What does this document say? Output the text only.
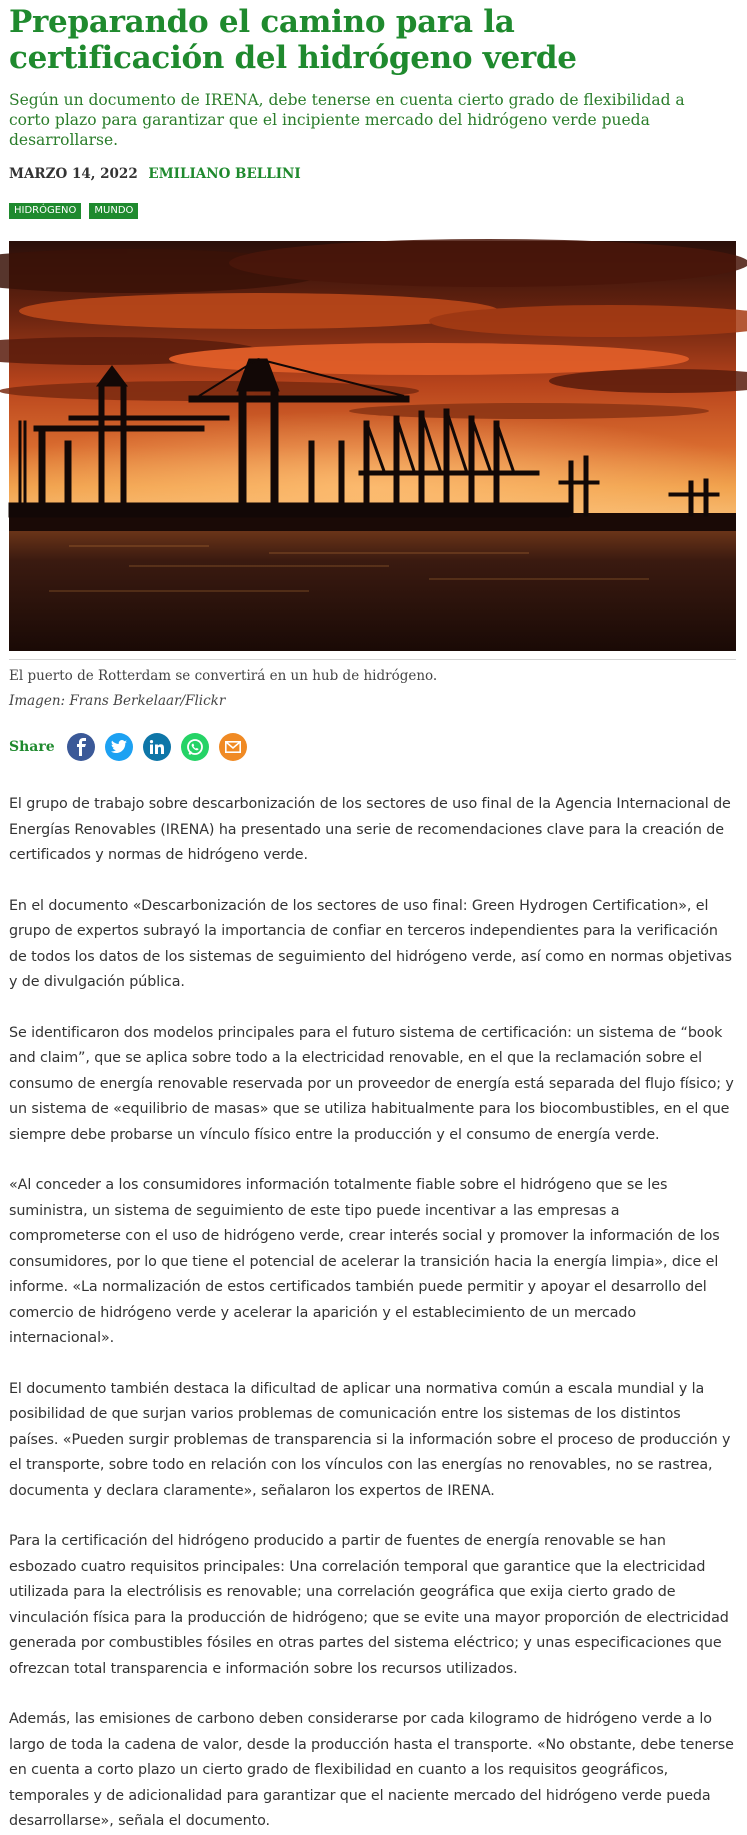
Preparando el camino para la certificación del hidrógeno verde

Según un documento de IRENA, debe tenerse en cuenta cierto grado de flexibilidad a corto plazo para garantizar que el incipiente mercado del hidrógeno verde pueda desarrollarse.

MARZO 14, 2022 EMILIANO BELLINI
HIDRÓGENO	MUNDO

El puerto de Rotterdam se convertirá en un hub de hidrógeno.

Imagen: Frans Berkelaar/Flickr

Share

El grupo de trabajo sobre descarbonización de los sectores de uso final de la Agencia Internacional de Energías Renovables (IRENA) ha presentado una serie de recomendaciones clave para la creación de certificados y normas de hidrógeno verde.

En el documento «Descarbonización de los sectores de uso final: Green Hydrogen Certification», el grupo de expertos subrayó la importancia de confiar en terceros independientes para la verificación de todos los datos de los sistemas de seguimiento del hidrógeno verde, así como en normas objetivas y de divulgación pública.

Se identificaron dos modelos principales para el futuro sistema de certificación: un sistema de “book and claim”, que se aplica sobre todo a la electricidad renovable, en el que la reclamación sobre el consumo de energía renovable reservada por un proveedor de energía está separada del flujo físico; y un sistema de «equilibrio de masas» que se utiliza habitualmente para los biocombustibles, en el que siempre debe probarse un vínculo físico entre la producción y el consumo de energía verde.

«Al conceder a los consumidores información totalmente fiable sobre el hidrógeno que se les suministra, un sistema de seguimiento de este tipo puede incentivar a las empresas a comprometerse con el uso de hidrógeno verde, crear interés social y promover la información de los consumidores, por lo que tiene el potencial de acelerar la transición hacia la energía limpia», dice el informe. «La normalización de estos certificados también puede permitir y apoyar el desarrollo del comercio de hidrógeno verde y acelerar la aparición y el establecimiento de un mercado internacional».

El documento también destaca la dificultad de aplicar una normativa común a escala mundial y la posibilidad de que surjan varios problemas de comunicación entre los sistemas de los distintos países. «Pueden surgir problemas de transparencia si la información sobre el proceso de producción y el transporte, sobre todo en relación con los vínculos con las energías no renovables, no se rastrea, documenta y declara claramente», señalaron los expertos de IRENA.

Para la certificación del hidrógeno producido a partir de fuentes de energía renovable se han esbozado cuatro requisitos principales: Una correlación temporal que garantice que la electricidad utilizada para la electrólisis es renovable; una correlación geográfica que exija cierto grado de vinculación física para la producción de hidrógeno; que se evite una mayor proporción de electricidad generada por combustibles fósiles en otras partes del sistema eléctrico; y unas especificaciones que ofrezcan total transparencia e información sobre los recursos utilizados.

Además, las emisiones de carbono deben considerarse por cada kilogramo de hidrógeno verde a lo largo de toda la cadena de valor, desde la producción hasta el transporte. «No obstante, debe tenerse en cuenta a corto plazo un cierto grado de flexibilidad en cuanto a los requisitos geográficos, temporales y de adicionalidad para garantizar que el naciente mercado del hidrógeno verde pueda desarrollarse», señala el documento.
